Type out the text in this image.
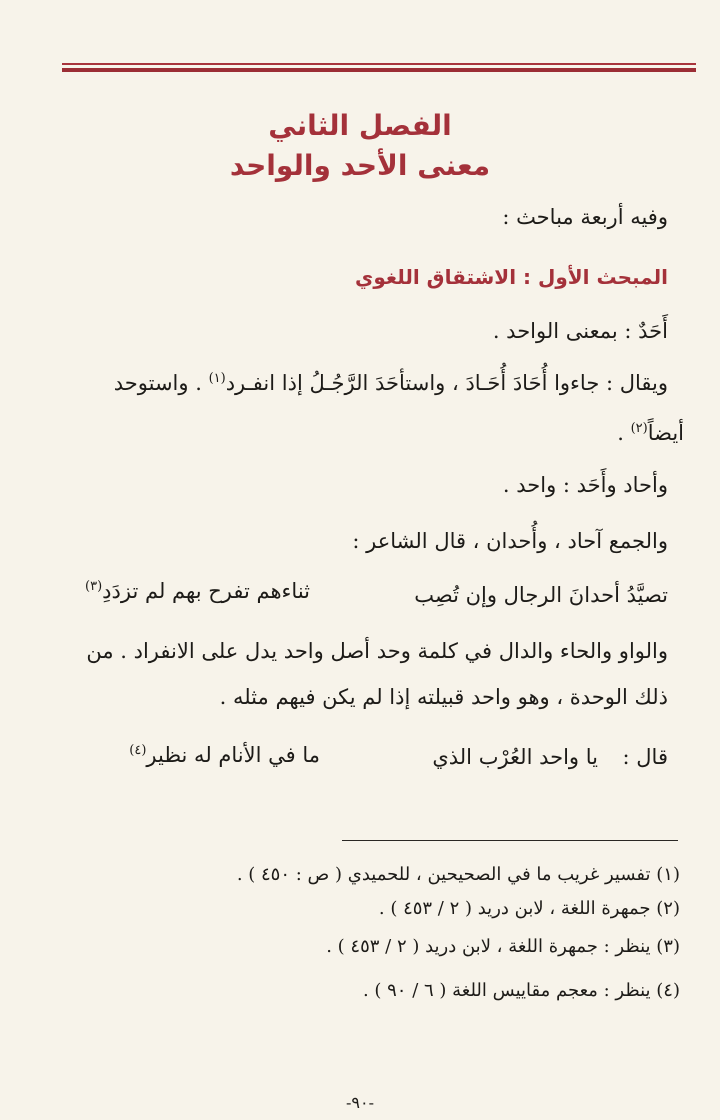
الفصل الثاني
معنى الأحد والواحد
وفيه أربعة مباحث :
المبحث الأول : الاشتقاق اللغوي
أَحَدٌ : بمعنى الواحد .
ويقال : جاءوا أُحَادَ أُحَـادَ ، واستأحَدَ الرَّجُـلُ إذا انفـرد$^{(١)}$ . واستوحد
أيضاً$^{(٢)}$ .
وأحاد وأَحَد : واحد .
والجمع آحاد ، وأُحدان ، قال الشاعر :
تصيَّدُ أحدانَ الرجال وإن تُصِب
ثناءهم تفرح بهم لم تزدَدِ$^{(٣)}$
والواو والحاء والدال في كلمة وحد أصل واحد يدل على الانفراد . من
ذلك الوحدة ، وهو واحد قبيلته إذا لم يكن فيهم مثله .
قال :
يا واحد العُرْب الذي
ما في الأنام له نظير$^{(٤)}$
(١) تفسير غريب ما في الصحيحين ، للحميدي ( ص : ٤٥٠ ) .
(٢) جمهرة اللغة ، لابن دريد ( ٢ / ٤٥٣ ) .
(٣) ينظر : جمهرة اللغة ، لابن دريد ( ٢ / ٤٥٣ ) .
(٤) ينظر : معجم مقاييس اللغة ( ٦ / ٩٠ ) .
-٩٠-
